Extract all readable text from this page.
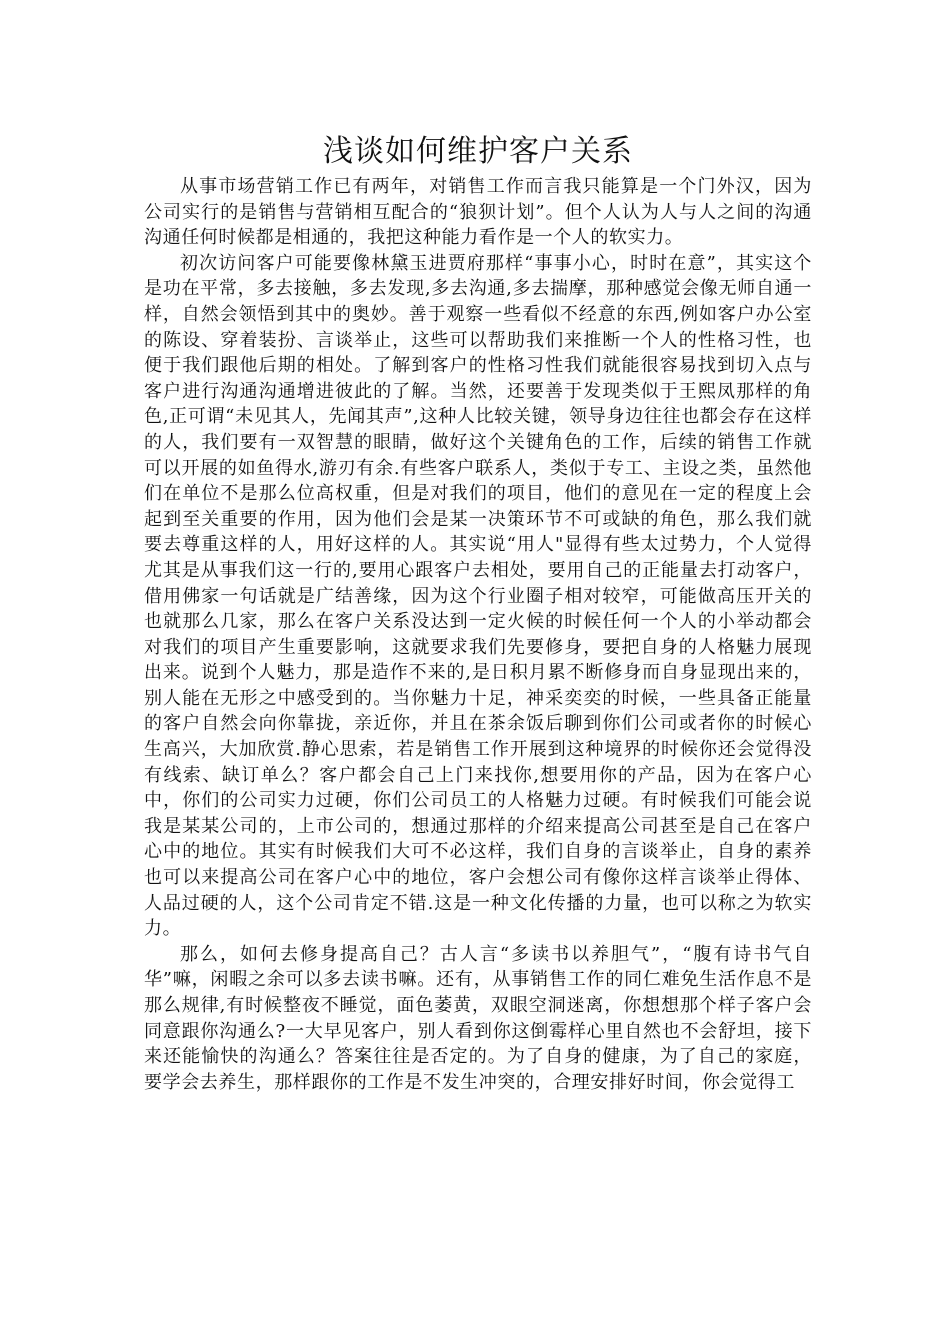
浅谈如何维护客户关系

从事市场营销工作已有两年，对销售工作而言我只能算是一个门外汉，因为公司实行的是销售与营销相互配合的“狼狈计划”。但个人认为人与人之间的沟通沟通任何时候都是相通的，我把这种能力看作是一个人的软实力。

初次访问客户可能要像林黛玉进贾府那样“事事小心，时时在意”，其实这个是功在平常，多去接触，多去发现,多去沟通,多去揣摩，那种感觉会像无师自通一样，自然会领悟到其中的奥妙。善于观察一些看似不经意的东西,例如客户办公室的陈设、穿着装扮、言谈举止，这些可以帮助我们来推断一个人的性格习性，也便于我们跟他后期的相处。了解到客户的性格习性我们就能很容易找到切入点与客户进行沟通沟通增进彼此的了解。当然，还要善于发现类似于王熙凤那样的角色,正可谓“未见其人，先闻其声”,这种人比较关键，领导身边往往也都会存在这样的人，我们要有一双智慧的眼睛，做好这个关键角色的工作，后续的销售工作就可以开展的如鱼得水,游刃有余.有些客户联系人，类似于专工、主设之类，虽然他们在单位不是那么位高权重，但是对我们的项目，他们的意见在一定的程度上会起到至关重要的作用，因为他们会是某一决策环节不可或缺的角色，那么我们就要去尊重这样的人，用好这样的人。其实说“用人"显得有些太过势力，个人觉得尤其是从事我们这一行的,要用心跟客户去相处，要用自己的正能量去打动客户，借用佛家一句话就是广结善缘，因为这个行业圈子相对较窄，可能做高压开关的也就那么几家，那么在客户关系没达到一定火候的时候任何一个人的小举动都会对我们的项目产生重要影响，这就要求我们先要修身，要把自身的人格魅力展现出来。说到个人魅力，那是造作不来的,是日积月累不断修身而自身显现出来的，别人能在无形之中感受到的。当你魅力十足，神采奕奕的时候，一些具备正能量的客户自然会向你靠拢，亲近你，并且在茶余饭后聊到你们公司或者你的时候心生高兴，大加欣赏.静心思索，若是销售工作开展到这种境界的时候你还会觉得没有线索、缺订单么？客户都会自己上门来找你,想要用你的产品，因为在客户心中，你们的公司实力过硬，你们公司员工的人格魅力过硬。有时候我们可能会说我是某某公司的，上市公司的，想通过那样的介绍来提高公司甚至是自己在客户心中的地位。其实有时候我们大可不必这样，我们自身的言谈举止，自身的素养也可以来提高公司在客户心中的地位，客户会想公司有像你这样言谈举止得体、人品过硬的人，这个公司肯定不错.这是一种文化传播的力量，也可以称之为软实力。

那么，如何去修身提高自己？古人言“多读书以养胆气”，“腹有诗书气自华”嘛，闲暇之余可以多去读书嘛。还有，从事销售工作的同仁难免生活作息不是那么规律,有时候整夜不睡觉，面色萎黄，双眼空洞迷离，你想想那个样子客户会同意跟你沟通么?一大早见客户，别人看到你这倒霉样心里自然也不会舒坦，接下来还能愉快的沟通么？答案往往是否定的。为了自身的健康，为了自己的家庭，要学会去养生，那样跟你的工作是不发生冲突的，合理安排好时间，你会觉得工
